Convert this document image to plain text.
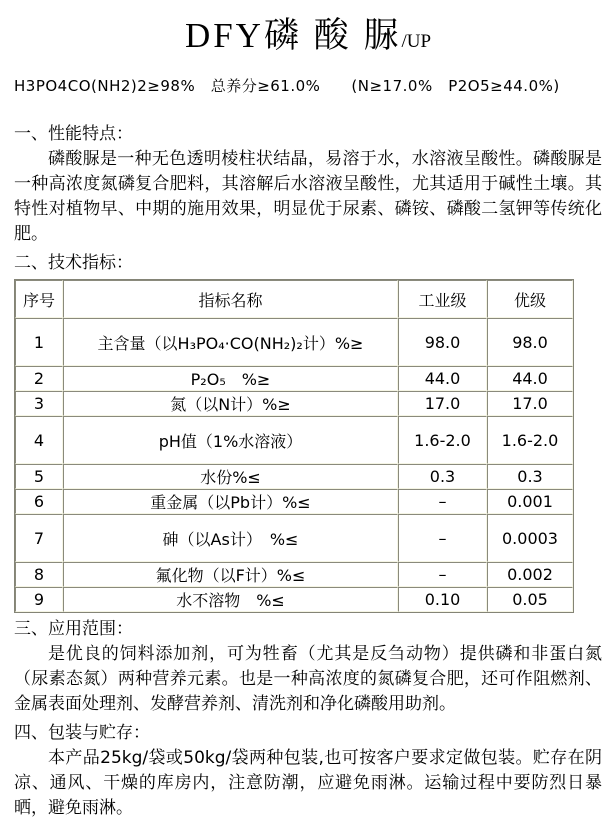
DFY磷 酸 脲/UP
H3PO4CO(NH2)2≥98%　总养分≥61.0%　　(N≥17.0%　P2O5≥44.0%)
一、性能特点：

磷酸脲是一种无色透明棱柱状结晶，易溶于水，水溶液呈酸性。磷酸脲是一种高浓度氮磷复合肥料，其溶解后水溶液呈酸性，尤其适用于碱性土壤。其特性对植物早、中期的施用效果，明显优于尿素、磷铵、磷酸二氢钾等传统化肥。

二、技术指标：
序号	指标名称	工业级	优级
1	主含量（以H₃PO₄·CO(NH₂)₂计）%≥	98.0	98.0
2	P₂O₅　%≥	44.0	44.0
3	氮（以N计）%≥	17.0	17.0
4	pH值（1%水溶液）	1.6-2.0	1.6-2.0
5	水份%≤	0.3	0.3
6	重金属（以Pb计）%≤	–	0.001
7	砷（以As计）　%≤	–	0.0003
8	氟化物（以F计）%≤	–	0.002
9	水不溶物　%≤	0.10	0.05
三、应用范围：

是优良的饲料添加剂，可为牲畜（尤其是反刍动物）提供磷和非蛋白氮（尿素态氮）两种营养元素。也是一种高浓度的氮磷复合肥，还可作阻燃剂、金属表面处理剂、发酵营养剂、清洗剂和净化磷酸用助剂。

四、包装与贮存：

本产品25kg/袋或50kg/袋两种包装,也可按客户要求定做包装。贮存在阴凉、通风、干燥的库房内，注意防潮，应避免雨淋。运输过程中要防烈日暴晒，避免雨淋。
